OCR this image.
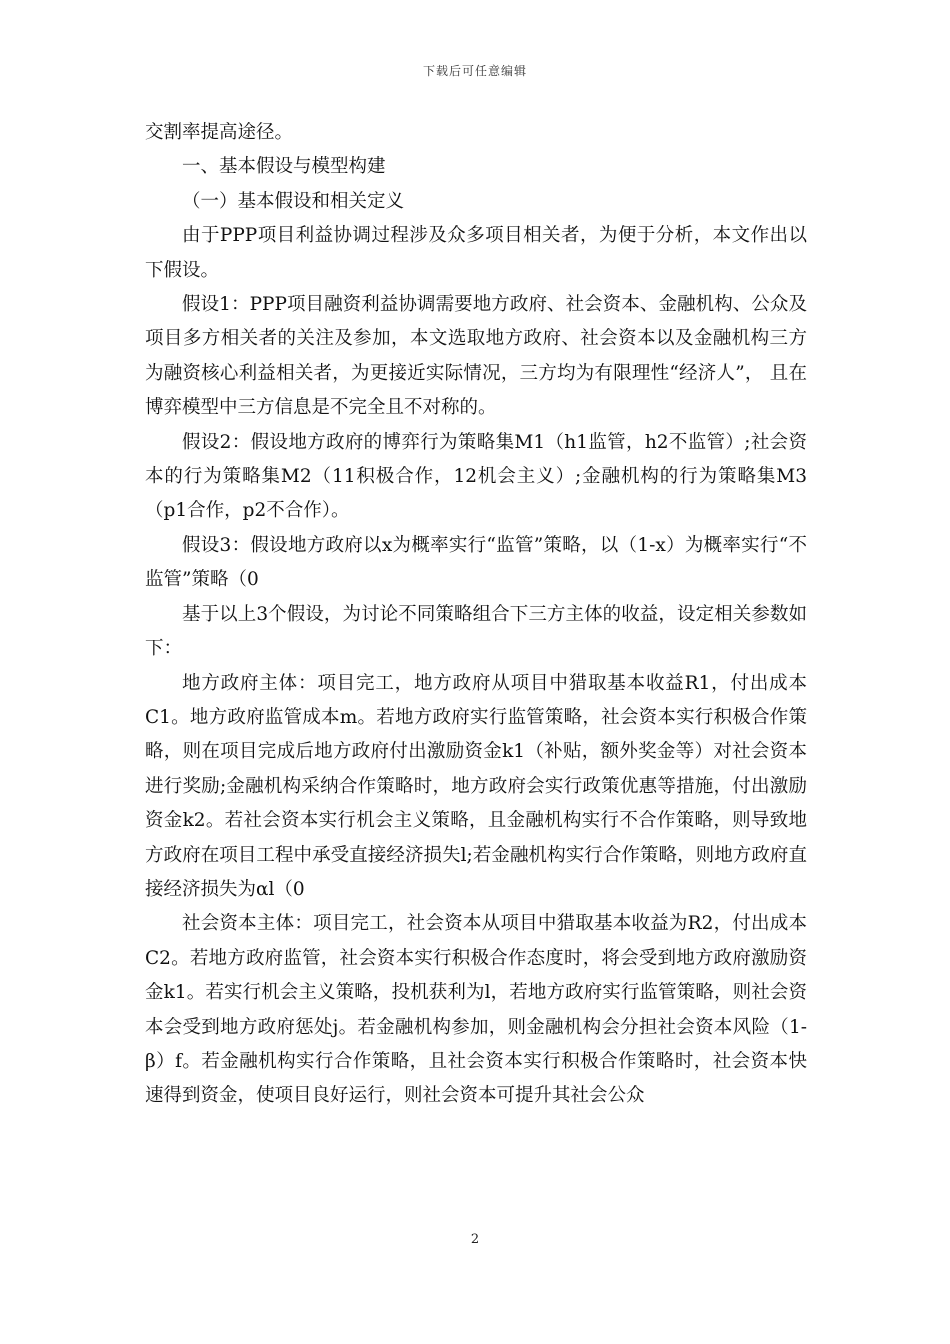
下载后可任意编辑

交割率提高途径。

一、基本假设与模型构建

（一）基本假设和相关定义

由于PPP项目利益协调过程涉及众多项目相关者，为便于分析，本文作出以下假设。

假设1：PPP项目融资利益协调需要地方政府、社会资本、金融机构、公众及项目多方相关者的关注及参加，本文选取地方政府、社会资本以及金融机构三方为融资核心利益相关者，为更接近实际情况，三方均为有限理性“经济人”， 且在博弈模型中三方信息是不完全且不对称的。

假设2：假设地方政府的博弈行为策略集M1（h1监管，h2不监管）;社会资本的行为策略集M2（11积极合作，12机会主义）;金融机构的行为策略集M3（p1合作，p2不合作）。

假设3：假设地方政府以x为概率实行“监管”策略，以（1-x）为概率实行“不监管”策略（0

基于以上3个假设，为讨论不同策略组合下三方主体的收益，设定相关参数如下：

地方政府主体：项目完工，地方政府从项目中猎取基本收益R1，付出成本C1。地方政府监管成本m。若地方政府实行监管策略，社会资本实行积极合作策略，则在项目完成后地方政府付出激励资金k1（补贴，额外奖金等）对社会资本进行奖励;金融机构采纳合作策略时，地方政府会实行政策优惠等措施，付出激励资金k2。若社会资本实行机会主义策略，且金融机构实行不合作策略，则导致地方政府在项目工程中承受直接经济损失l;若金融机构实行合作策略，则地方政府直接经济损失为αl（0

社会资本主体：项目完工，社会资本从项目中猎取基本收益为R2，付出成本C2。若地方政府监管，社会资本实行积极合作态度时，将会受到地方政府激励资金k1。若实行机会主义策略，投机获利为l，若地方政府实行监管策略，则社会资本会受到地方政府惩处j。若金融机构参加，则金融机构会分担社会资本风险（1-β）f。若金融机构实行合作策略，且社会资本实行积极合作策略时，社会资本快速得到资金，使项目良好运行，则社会资本可提升其社会公众

2
